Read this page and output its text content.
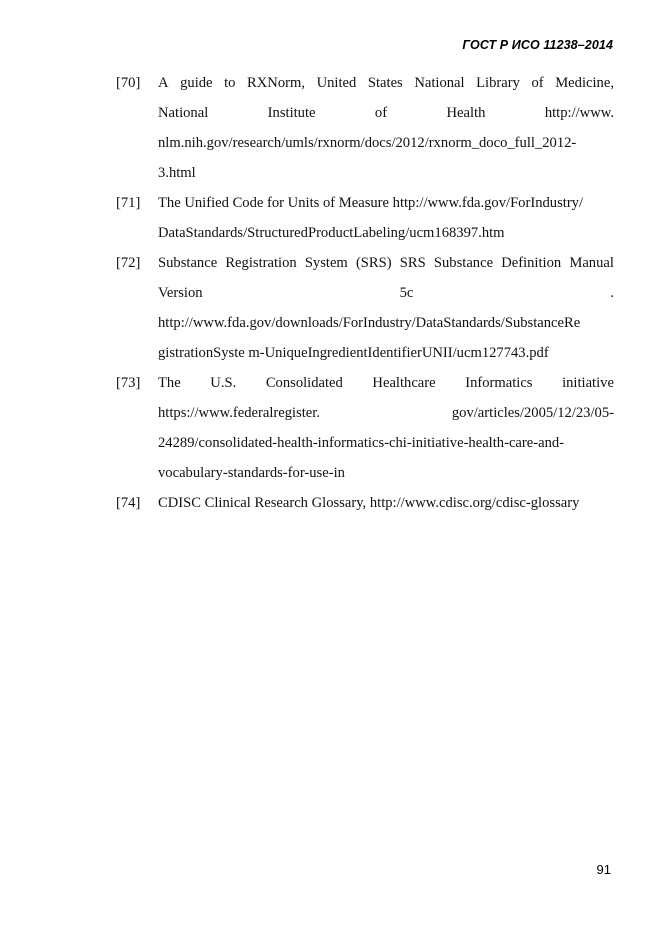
ГОСТ Р ИСО 11238–2014
[70] A guide to RXNorm, United States National Library of Medicine,
National	Institute	of	Health	http://www.
nlm.nih.gov/research/umls/rxnorm/docs/2012/rxnorm_doco_full_2012-
3.html
[71] The Unified Code for Units of Measure http://www.fda.gov/ForIndustry/
DataStandards/StructuredProductLabeling/ucm168397.htm
[72] Substance Registration System (SRS) SRS Substance Definition Manual
Version	5c	.
http://www.fda.gov/downloads/ForIndustry/DataStandards/SubstanceRe
gistrationSyste m-UniqueIngredientIdentifierUNII/ucm127743.pdf
[73] The U.S. Consolidated Healthcare Informatics initiative
https://www.federalregister.	gov/articles/2005/12/23/05-
24289/consolidated-health-informatics-chi-initiative-health-care-and-
vocabulary-standards-for-use-in
[74] CDISC Clinical Research Glossary, http://www.cdisc.org/cdisc-glossary
91
